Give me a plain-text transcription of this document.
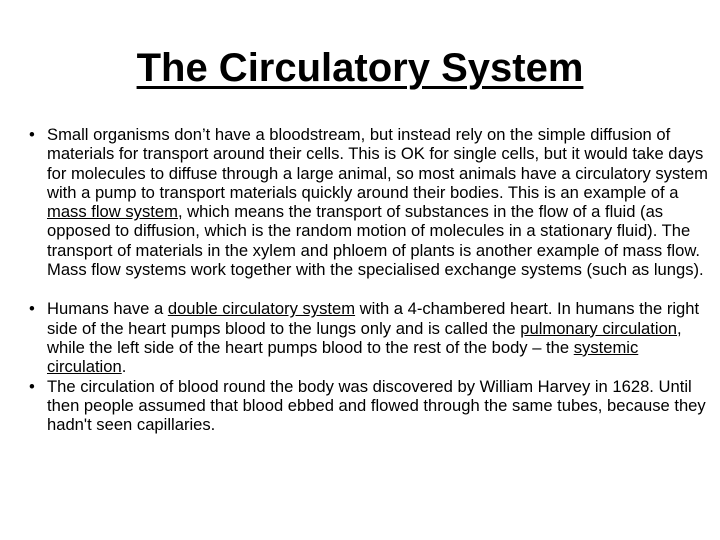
The Circulatory System
• Small organisms don’t have a bloodstream, but instead rely on the simple diffusion of materials for transport around their cells. This is OK for single cells, but it would take days for molecules to diffuse through a large animal, so most animals have a circulatory system with a pump to transport materials quickly around their bodies. This is an example of a mass flow system, which means the transport of substances in the flow of a fluid (as opposed to diffusion, which is the random motion of molecules in a stationary fluid). The transport of materials in the xylem and phloem of plants is another example of mass flow. Mass flow systems work together with the specialised exchange systems (such as lungs).
• Humans have a double circulatory system with a 4-chambered heart. In humans the right side of the heart pumps blood to the lungs only and is called the pulmonary circulation, while the left side of the heart pumps blood to the rest of the body – the systemic circulation.
• The circulation of blood round the body was discovered by William Harvey in 1628. Until then people assumed that blood ebbed and flowed through the same tubes, because they hadn't seen capillaries.
